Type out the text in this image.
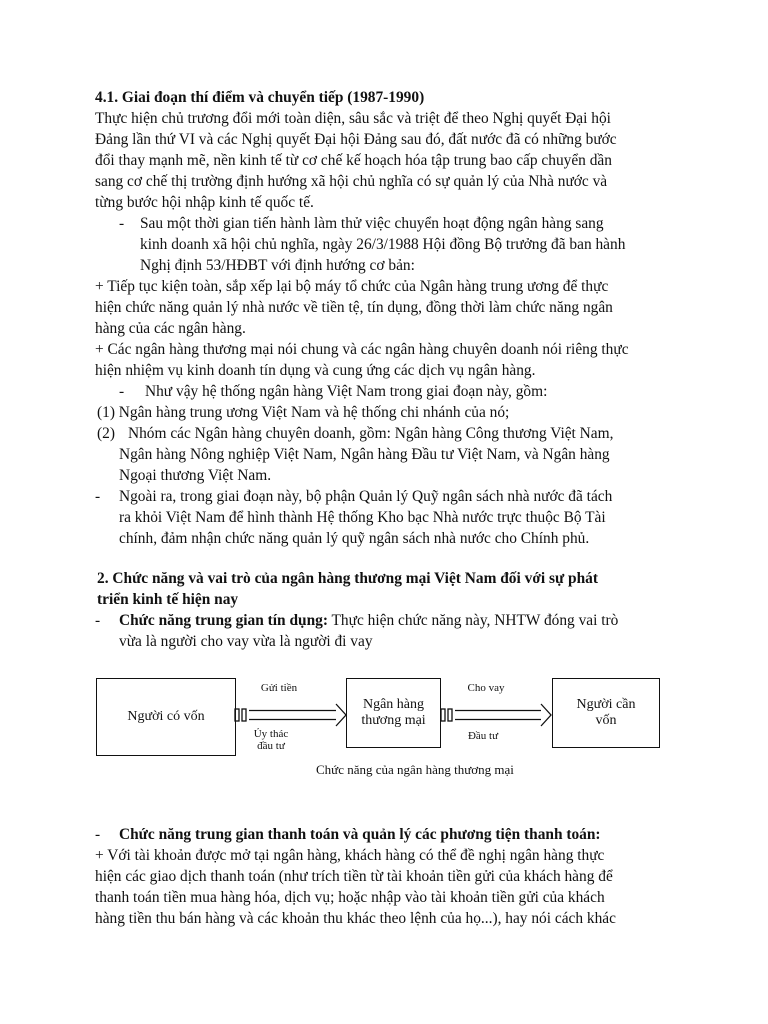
4.1. Giai đoạn thí điểm và chuyển tiếp (1987-1990)
Thực hiện chủ trương đổi mới toàn diện, sâu sắc và triệt để theo Nghị quyết Đại hội
Đảng lần thứ VI và các Nghị quyết Đại hội Đảng sau đó, đất nước đã có những bước
đổi thay mạnh mẽ, nền kinh tế từ cơ chế kế hoạch hóa tập trung bao cấp chuyển dần
sang cơ chế thị trường định hướng xã hội chủ nghĩa có sự quản lý của Nhà nước và
từng bước hội nhập kinh tế quốc tế.
- Sau một thời gian tiến hành làm thử việc chuyển hoạt động ngân hàng sang
kinh doanh xã hội chủ nghĩa, ngày 26/3/1988 Hội đồng Bộ trưởng đã ban hành
Nghị định 53/HĐBT với định hướng cơ bản:
+ Tiếp tục kiện toàn, sắp xếp lại bộ máy tổ chức của Ngân hàng trung ương để thực
hiện chức năng quản lý nhà nước về tiền tệ, tín dụng, đồng thời làm chức năng ngân
hàng của các ngân hàng.
+ Các ngân hàng thương mại nói chung và các ngân hàng chuyên doanh nói riêng thực
hiện nhiệm vụ kinh doanh tín dụng và cung ứng các dịch vụ ngân hàng.
- Như vậy hệ thống ngân hàng Việt Nam trong giai đoạn này, gồm:
(1) Ngân hàng trung ương Việt Nam và hệ thống chi nhánh của nó;
(2) Nhóm các Ngân hàng chuyên doanh, gồm: Ngân hàng Công thương Việt Nam,
Ngân hàng Nông nghiệp Việt Nam, Ngân hàng Đầu tư Việt Nam, và Ngân hàng
Ngoại thương Việt Nam.
- Ngoài ra, trong giai đoạn này, bộ phận Quản lý Quỹ ngân sách nhà nước đã tách
ra khỏi Việt Nam để hình thành Hệ thống Kho bạc Nhà nước trực thuộc Bộ Tài
chính, đảm nhận chức năng quản lý quỹ ngân sách nhà nước cho Chính phủ.
2. Chức năng và vai trò của ngân hàng thương mại Việt Nam đối với sự phát
triển kinh tế hiện nay
- Chức năng trung gian tín dụng: Thực hiện chức năng này, NHTW đóng vai trò
vừa là người cho vay vừa là người đi vay
Người có vốn
Ngân hàng
thương mại
Người cần
vốn
Gửi tiền
Ủy thác
đầu tư
Cho vay
Đầu tư
Chức năng của ngân hàng thương mại
- Chức năng trung gian thanh toán và quản lý các phương tiện thanh toán:
+ Với tài khoản được mở tại ngân hàng, khách hàng có thể đề nghị ngân hàng thực
hiện các giao dịch thanh toán (như trích tiền từ tài khoản tiền gửi của khách hàng để
thanh toán tiền mua hàng hóa, dịch vụ; hoặc nhập vào tài khoản tiền gửi của khách
hàng tiền thu bán hàng và các khoản thu khác theo lệnh của họ...), hay nói cách khác
